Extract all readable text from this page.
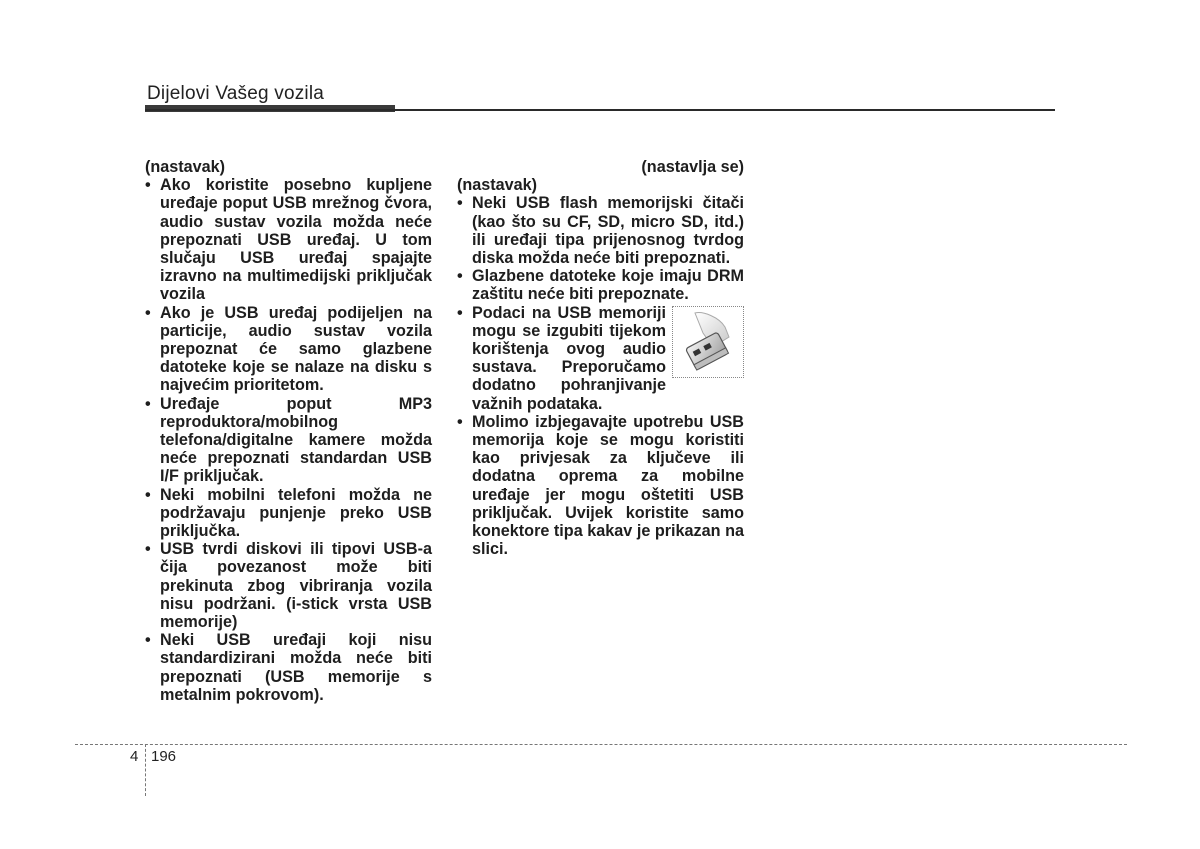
Dijelovi Vašeg vozila
(nastavak)
• Ako koristite posebno kupljene uređaje poput USB mrežnog čvora, audio sustav vozila možda neće prepoznati USB uređaj. U tom slučaju USB uređaj spajajte izravno na multimedijski priključak vozila
• Ako je USB uređaj podijeljen na particije, audio sustav vozila prepoznat će samo glazbene datoteke koje se nalaze na disku s najvećim prioritetom.
• Uređaje poput MP3 reproduktora/mobilnog telefona/digitalne kamere možda neće prepoznati standardan USB I/F priključak.
• Neki mobilni telefoni možda ne podržavaju punjenje preko USB priključka.
• USB tvrdi diskovi ili tipovi USB-a čija povezanost može biti prekinuta zbog vibriranja vozila nisu podržani. (i-stick vrsta USB memorije)
• Neki USB uređaji koji nisu standardizirani možda neće biti prepoznati (USB memorije s metalnim pokrovom).
(nastavlja se)
(nastavak)
• Neki USB flash memorijski čitači (kao što su CF, SD, micro SD, itd.) ili uređaji tipa prijenosnog tvrdog diska možda neće biti prepoznati.
• Glazbene datoteke koje imaju DRM zaštitu neće biti prepoznate.
• Podaci na USB memoriji mogu se izgubiti tijekom korištenja ovog audio sustava. Preporučamo dodatno pohranjivanje važnih podataka.
• Molimo izbjegavajte upotrebu USB memorija koje se mogu koristiti kao privjesak za ključeve ili dodatna oprema za mobilne uređaje jer mogu oštetiti USB priključak. Uvijek koristite samo konektore tipa kakav je prikazan na slici.
4 196
